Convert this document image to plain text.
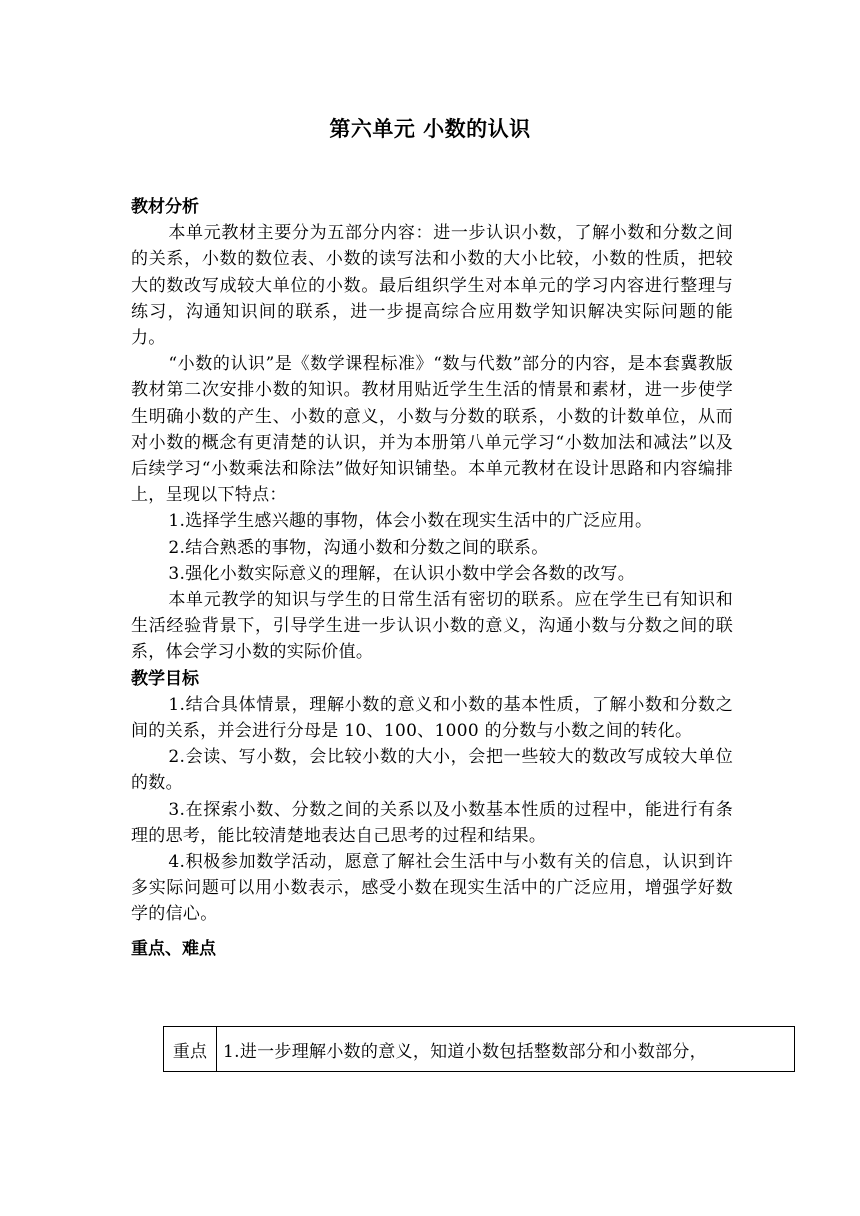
第六单元 小数的认识

教材分析

本单元教材主要分为五部分内容：进一步认识小数，了解小数和分数之间的关系，小数的数位表、小数的读写法和小数的大小比较，小数的性质，把较大的数改写成较大单位的小数。最后组织学生对本单元的学习内容进行整理与练习，沟通知识间的联系，进一步提高综合应用数学知识解决实际问题的能力。

“小数的认识”是《数学课程标准》“数与代数”部分的内容，是本套冀教版教材第二次安排小数的知识。教材用贴近学生生活的情景和素材，进一步使学生明确小数的产生、小数的意义，小数与分数的联系，小数的计数单位，从而对小数的概念有更清楚的认识，并为本册第八单元学习“小数加法和减法”以及后续学习“小数乘法和除法”做好知识铺垫。本单元教材在设计思路和内容编排上，呈现以下特点：

1.选择学生感兴趣的事物，体会小数在现实生活中的广泛应用。

2.结合熟悉的事物，沟通小数和分数之间的联系。

3.强化小数实际意义的理解，在认识小数中学会各数的改写。

本单元教学的知识与学生的日常生活有密切的联系。应在学生已有知识和生活经验背景下，引导学生进一步认识小数的意义，沟通小数与分数之间的联系，体会学习小数的实际价值。

教学目标

1.结合具体情景，理解小数的意义和小数的基本性质，了解小数和分数之间的关系，并会进行分母是 10、100、1000 的分数与小数之间的转化。

2.会读、写小数，会比较小数的大小，会把一些较大的数改写成较大单位的数。

3.在探索小数、分数之间的关系以及小数基本性质的过程中，能进行有条理的思考，能比较清楚地表达自己思考的过程和结果。

4.积极参加数学活动，愿意了解社会生活中与小数有关的信息，认识到许多实际问题可以用小数表示，感受小数在现实生活中的广泛应用，增强学好数学的信心。

重点、难点

重点	1.进一步理解小数的意义，知道小数包括整数部分和小数部分，
